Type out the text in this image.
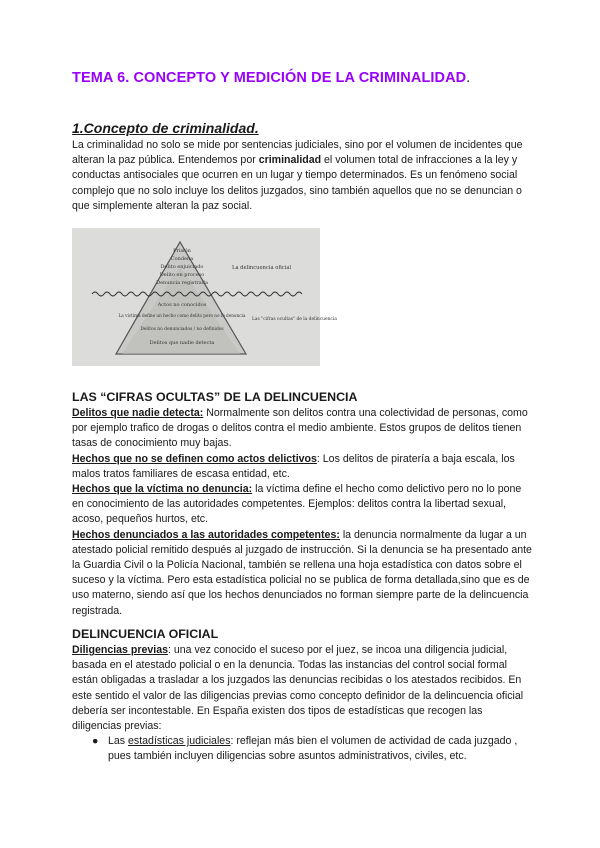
TEMA 6. CONCEPTO Y MEDICIÓN DE LA CRIMINALIDAD.
1.Concepto de criminalidad.

La criminalidad no solo se mide por sentencias judiciales, sino por el volumen de incidentes que alteran la paz pública. Entendemos por criminalidad el volumen total de infracciones a la ley y conductas antisociales que ocurren en un lugar y tiempo determinados. Es un fenómeno social complejo que no solo incluye los delitos juzgados, sino también aquellos que no se denuncian o que simplemente alteran la paz social.

Prisión
Condena
Delito enjuiciado
Delito en proceso
Denuncia registrada
Actos no conocidos
La víctima define un hecho como delito pero no lo denuncia
Delitos no denunciados / no definidos
Delitos que nadie detecta
La delincuencia oficial
Las "cifras ocultas" de la delincuencia
LAS “CIFRAS OCULTAS” DE LA DELINCUENCIA

Delitos que nadie detecta: Normalmente son delitos contra una colectividad de personas, como por ejemplo trafico de drogas o delitos contra el medio ambiente. Estos grupos de delitos tienen tasas de conocimiento muy bajas.

Hechos que no se definen como actos delictivos: Los delitos de piratería a baja escala, los malos tratos familiares de escasa entidad, etc.

Hechos que la víctima no denuncia: la víctima define el hecho como delictivo pero no lo pone en conocimiento de las autoridades competentes. Ejemplos: delitos contra la libertad sexual, acoso, pequeños hurtos, etc.

Hechos denunciados a las autoridades competentes: la denuncia normalmente da lugar a un atestado policial remitido después al juzgado de instrucción. Si la denuncia se ha presentado ante la Guardia Civil o la Policía Nacional, también se rellena una hoja estadística con datos sobre el suceso y la víctima. Pero esta estadística policial no se publica de forma detallada,sino que es de uso materno, siendo así que los hechos denunciados no forman siempre parte de la delincuencia registrada.

DELINCUENCIA OFICIAL

Diligencias previas: una vez conocido el suceso por el juez, se incoa una diligencia judicial, basada en el atestado policial o en la denuncia. Todas las instancias del control social formal están obligadas a trasladar a los juzgados las denuncias recibidas o los atestados recibidos. En este sentido el valor de las diligencias previas como concepto definidor de la delincuencia oficial debería ser incontestable. En España existen dos tipos de estadísticas que recogen las diligencias previas:

● Las estadísticas judiciales: reflejan más bien el volumen de actividad de cada juzgado , pues también incluyen diligencias sobre asuntos administrativos, civiles, etc.
